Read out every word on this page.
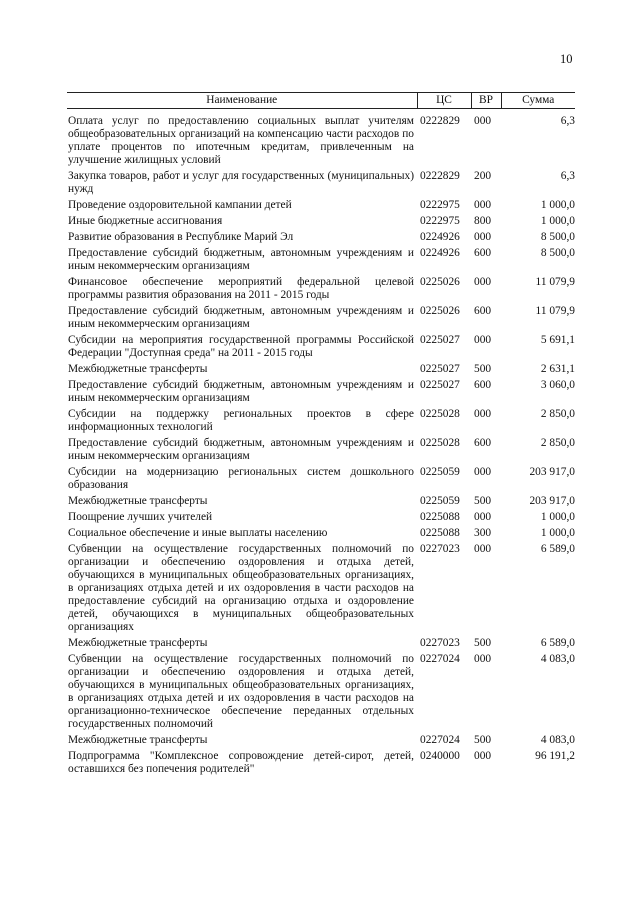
10
Наименование	ЦС	ВР	Сумма

Оплата услуг по предоставлению социальных выплат учителям общеобразовательных организаций на компенсацию части расходов по уплате процентов по ипотечным кредитам, привлеченным на улучшение жилищных условий	0222829	000	6,3
Закупка товаров, работ и услуг для государственных (муниципальных) нужд	0222829	200	6,3
Проведение оздоровительной кампании детей	0222975	000	1 000,0
Иные бюджетные ассигнования	0222975	800	1 000,0
Развитие образования в Республике Марий Эл	0224926	000	8 500,0
Предоставление субсидий бюджетным, автономным учреждениям и иным некоммерческим организациям	0224926	600	8 500,0
Финансовое обеспечение мероприятий федеральной целевой программы развития образования на 2011 - 2015 годы	0225026	000	11 079,9
Предоставление субсидий бюджетным, автономным учреждениям и иным некоммерческим организациям	0225026	600	11 079,9
Субсидии на мероприятия государственной программы Российской Федерации "Доступная среда" на 2011 - 2015 годы	0225027	000	5 691,1
Межбюджетные трансферты	0225027	500	2 631,1
Предоставление субсидий бюджетным, автономным учреждениям и иным некоммерческим организациям	0225027	600	3 060,0
Субсидии на поддержку региональных проектов в сфере информационных технологий	0225028	000	2 850,0
Предоставление субсидий бюджетным, автономным учреждениям и иным некоммерческим организациям	0225028	600	2 850,0
Субсидии на модернизацию региональных систем дошкольного образования	0225059	000	203 917,0
Межбюджетные трансферты	0225059	500	203 917,0
Поощрение лучших учителей	0225088	000	1 000,0
Социальное обеспечение и иные выплаты населению	0225088	300	1 000,0
Субвенции на осуществление государственных полномочий по организации и обеспечению оздоровления и отдыха детей, обучающихся в муниципальных общеобразовательных организациях, в организациях отдыха детей и их оздоровления в части расходов на предоставление субсидий на организацию отдыха и оздоровление детей, обучающихся в муниципальных общеобразовательных организациях	0227023	000	6 589,0
Межбюджетные трансферты	0227023	500	6 589,0
Субвенции на осуществление государственных полномочий по организации и обеспечению оздоровления и отдыха детей, обучающихся в муниципальных общеобразовательных организациях, в организациях отдыха детей и их оздоровления в части расходов на организационно-техническое обеспечение переданных отдельных государственных полномочий	0227024	000	4 083,0
Межбюджетные трансферты	0227024	500	4 083,0
Подпрограмма "Комплексное сопровождение детей-сирот, детей, оставшихся без попечения родителей"	0240000	000	96 191,2
